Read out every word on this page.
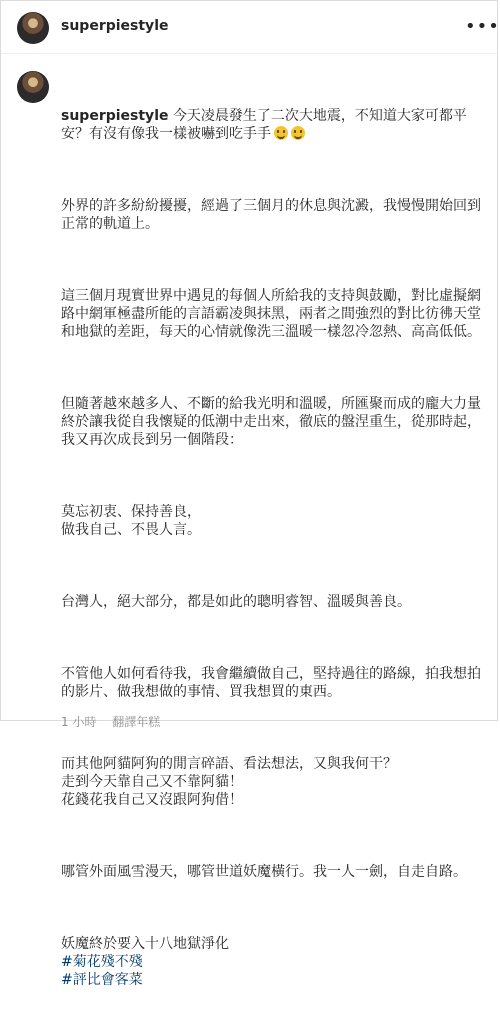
superpiestyle	•••

superpiestyle 今天凌晨發生了二次大地震，不知道大家可都平安？有沒有像我一樣被嚇到吃手手

外界的許多紛紛擾擾，經過了三個月的休息與沈澱，我慢慢開始回到正常的軌道上。

這三個月現實世界中遇見的每個人所給我的支持與鼓勵，對比虛擬網路中網軍極盡所能的言語霸凌與抹黑，兩者之間強烈的對比彷彿天堂和地獄的差距，每天的心情就像洗三溫暖一樣忽冷忽熱、高高低低。

但隨著越來越多人、不斷的給我光明和溫暖，所匯聚而成的龐大力量終於讓我從自我懷疑的低潮中走出來，徹底的盤涅重生，從那時起，我又再次成長到另一個階段：

莫忘初衷、保持善良，
做我自己、不畏人言。

台灣人，絕大部分，都是如此的聰明睿智、溫暖與善良。

不管他人如何看待我，我會繼續做自己，堅持過往的路線，拍我想拍的影片、做我想做的事情、買我想買的東西。

而其他阿貓阿狗的閒言碎語、看法想法，又與我何干？
走到今天靠自己又不靠阿貓！
花錢花我自己又沒跟阿狗借！

哪管外面風雪漫天，哪管世道妖魔橫行。我一人一劍，自走自路。

妖魔終於要入十八地獄淨化
#菊花殘不殘
#評比會客菜

1 小時 翻譯年糕
